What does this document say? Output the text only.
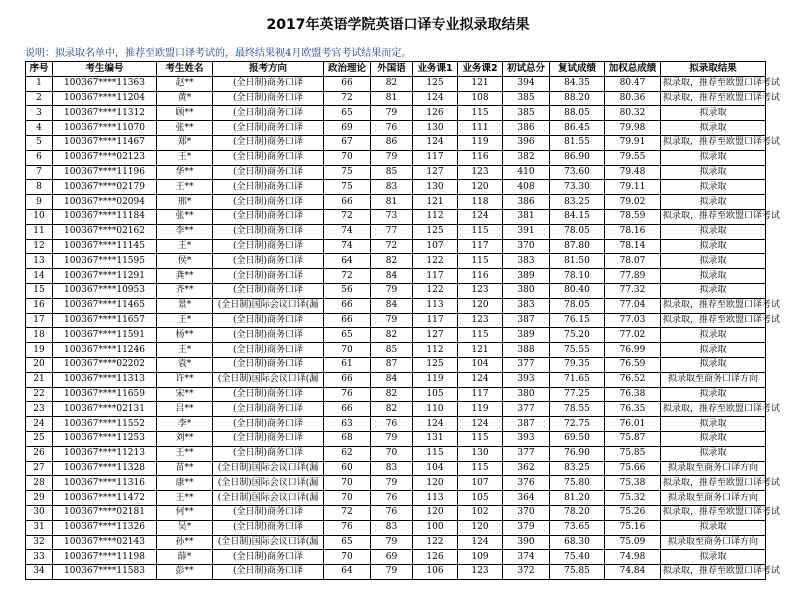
2017年英语学院英语口译专业拟录取结果
说明：拟录取名单中，推荐至欧盟口译考试的，最终结果视4月欧盟考官考试结果而定。
序号	考生编号	考生姓名	报考方向	政治理论	外国语	业务课1	业务课2	初试总分	复试成绩	加权总成绩	拟录取结果
1	100367****11363	赵**	(全日制)商务口译	66	82	125	121	394	84.35	80.47	拟录取，推荐至欧盟口译考试
2	100367****11204	黄*	(全日制)商务口译	72	81	124	108	385	88.20	80.36	拟录取，推荐至欧盟口译考试
3	100367****11312	顾**	(全日制)商务口译	65	79	126	115	385	88.05	80.32	拟录取
4	100367****11070	张**	(全日制)商务口译	69	76	130	111	386	86.45	79.98	拟录取
5	100367****11467	郑*	(全日制)商务口译	67	86	124	119	396	81.55	79.91	拟录取，推荐至欧盟口译考试
6	100367****02123	王*	(全日制)商务口译	70	79	117	116	382	86.90	79.55	拟录取
7	100367****11196	华**	(全日制)商务口译	75	85	127	123	410	73.60	79.48	拟录取
8	100367****02179	王**	(全日制)商务口译	75	83	130	120	408	73.30	79.11	拟录取
9	100367****02094	邢*	(全日制)商务口译	66	81	121	118	386	83.25	79.02	拟录取
10	100367****11184	张**	(全日制)商务口译	72	73	112	124	381	84.15	78.59	拟录取，推荐至欧盟口译考试
11	100367****02162	李**	(全日制)商务口译	74	77	125	115	391	78.05	78.16	拟录取
12	100367****11145	王*	(全日制)商务口译	74	72	107	117	370	87.80	78.14	拟录取
13	100367****11595	侯*	(全日制)商务口译	64	82	122	115	383	81.50	78.07	拟录取
14	100367****11291	龚**	(全日制)商务口译	72	84	117	116	389	78.10	77.89	拟录取
15	100367****10953	齐**	(全日制)商务口译	56	79	122	123	380	80.40	77.32	拟录取
16	100367****11465	景*	(全日制)国际会议口译(漏	66	84	113	120	383	78.05	77.04	拟录取，推荐至欧盟口译考试
17	100367****11657	王*	(全日制)商务口译	66	79	117	123	387	76.15	77.03	拟录取，推荐至欧盟口译考试
18	100367****11591	杨**	(全日制)商务口译	65	82	127	115	389	75.20	77.02	拟录取
19	100367****11246	王*	(全日制)商务口译	70	85	112	121	388	75.55	76.99	拟录取
20	100367****02202	袁*	(全日制)商务口译	61	87	125	104	377	79.35	76.59	拟录取
21	100367****11313	许**	(全日制)国际会议口译(漏	66	84	119	124	393	71.65	76.52	拟录取至商务口译方向
22	100367****11659	宋**	(全日制)商务口译	76	82	105	117	380	77.25	76.38	拟录取
23	100367****02131	吕**	(全日制)商务口译	66	82	110	119	377	78.55	76.35	拟录取，推荐至欧盟口译考试
24	100367****11552	李*	(全日制)商务口译	63	76	124	124	387	72.75	76.01	拟录取
25	100367****11253	刘**	(全日制)商务口译	68	79	131	115	393	69.50	75.87	拟录取
26	100367****11213	王**	(全日制)商务口译	62	70	115	130	377	76.90	75.85	拟录取
27	100367****11328	苗**	(全日制)国际会议口译(漏	60	83	104	115	362	83.25	75.66	拟录取至商务口译方向
28	100367****11316	康**	(全日制)国际会议口译(漏	70	79	120	107	376	75.80	75.38	拟录取，推荐至欧盟口译考试
29	100367****11472	王**	(全日制)国际会议口译(漏	70	76	113	105	364	81.20	75.32	拟录取至商务口译方向
30	100367****02181	何**	(全日制)商务口译	72	76	120	102	370	78.20	75.26	拟录取，推荐至欧盟口译考试
31	100367****11326	吴*	(全日制)商务口译	76	83	100	120	379	73.65	75.16	拟录取
32	100367****02143	孙**	(全日制)国际会议口译(漏	65	79	122	124	390	68.30	75.09	拟录取至商务口译方向
33	100367****11198	薛*	(全日制)商务口译	70	69	126	109	374	75.40	74.98	拟录取
34	100367****11583	彭**	(全日制)商务口译	64	79	106	123	372	75.85	74.84	拟录取，推荐至欧盟口译考试
